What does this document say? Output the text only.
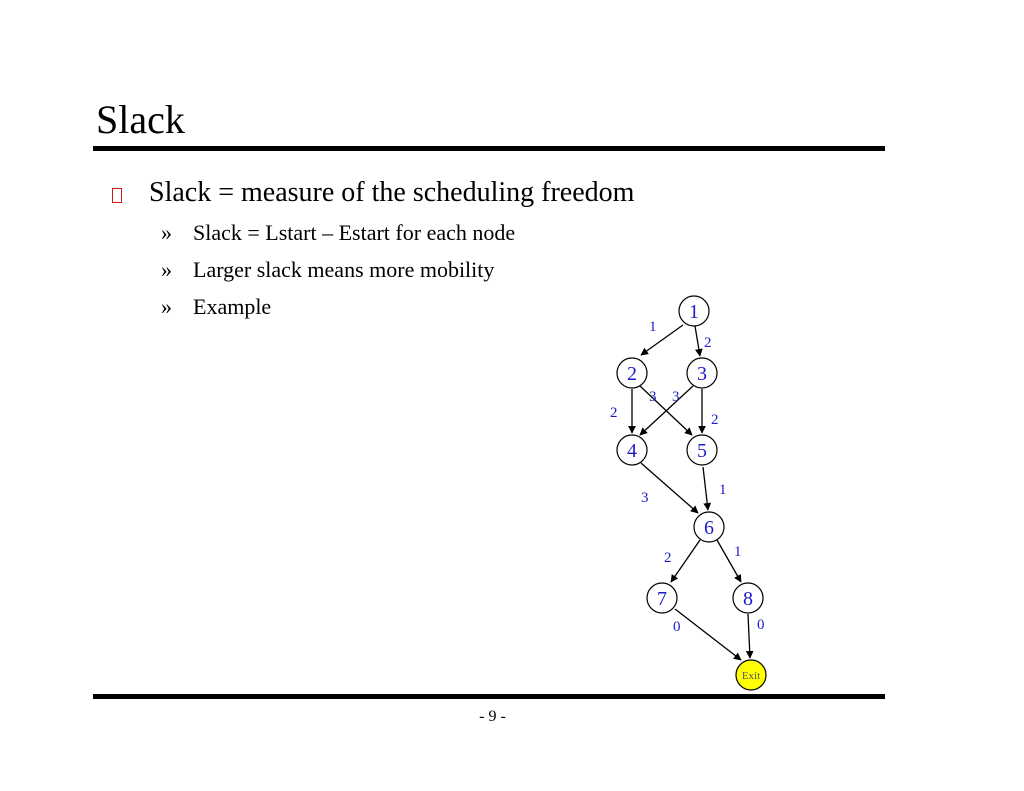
Slack
Slack = measure of the scheduling freedom
» Slack = Lstart – Estart for each node
» Larger slack means more mobility
» Example
1
2
2
3 3
2
3	1
2	1
0	0
1
2	3
4	5
6
7	8
Exit
- 9 -
